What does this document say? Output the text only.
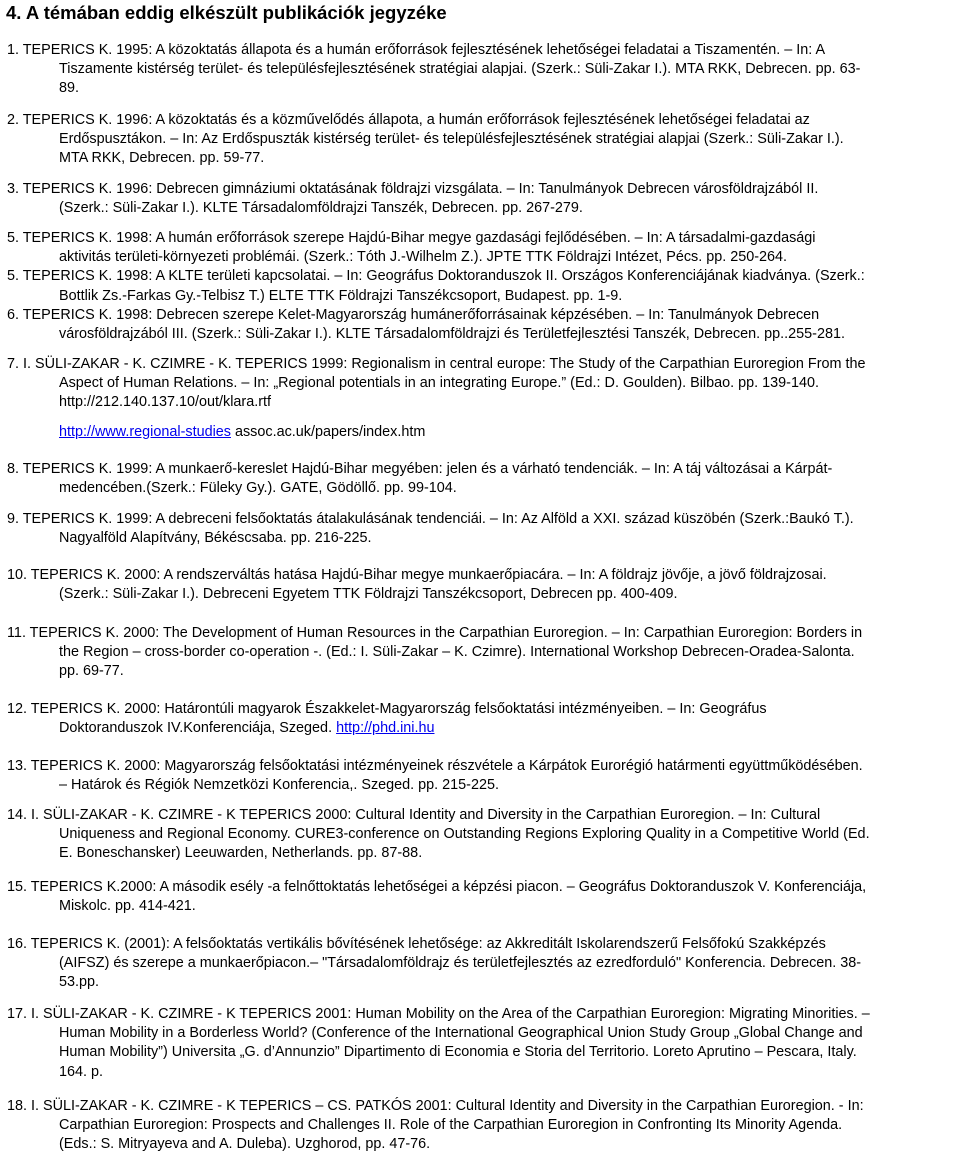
4. A témában eddig elkészült publikációk jegyzéke
1. TEPERICS K. 1995: A közoktatás állapota és a humán erőforrások fejlesztésének lehetőségei feladatai a Tiszamentén. – In: A
Tiszamente kistérség terület- és településfejlesztésének stratégiai alapjai. (Szerk.: Süli-Zakar I.). MTA RKK, Debrecen. pp. 63-
89.
2. TEPERICS K. 1996: A közoktatás és a közművelődés állapota, a humán erőforrások fejlesztésének lehetőségei feladatai az
Erdőspusztákon. – In: Az Erdőspuszták kistérség terület- és településfejlesztésének stratégiai alapjai (Szerk.: Süli-Zakar I.).
MTA RKK, Debrecen. pp. 59-77.
3. TEPERICS K. 1996: Debrecen gimnáziumi oktatásának földrajzi vizsgálata. – In: Tanulmányok Debrecen városföldrajzából II.
(Szerk.: Süli-Zakar I.). KLTE Társadalomföldrajzi Tanszék, Debrecen. pp. 267-279.
5. TEPERICS K. 1998: A humán erőforrások szerepe Hajdú-Bihar megye gazdasági fejlődésében. – In: A társadalmi-gazdasági
aktivitás területi-környezeti problémái. (Szerk.: Tóth J.-Wilhelm Z.). JPTE TTK Földrajzi Intézet, Pécs. pp. 250-264.
5. TEPERICS K. 1998: A KLTE területi kapcsolatai. – In: Geográfus Doktoranduszok II. Országos Konferenciájának kiadványa. (Szerk.:
Bottlik Zs.-Farkas Gy.-Telbisz T.) ELTE TTK Földrajzi Tanszékcsoport, Budapest. pp. 1-9.
6. TEPERICS K. 1998: Debrecen szerepe Kelet-Magyarország humánerőforrásainak képzésében. – In: Tanulmányok Debrecen
városföldrajzából III. (Szerk.: Süli-Zakar I.). KLTE Társadalomföldrajzi és Területfejlesztési Tanszék, Debrecen. pp..255-281.
7. I. SÜLI-ZAKAR - K. CZIMRE - K. TEPERICS 1999: Regionalism in central europe: The Study of the Carpathian Euroregion From the
Aspect of Human Relations. – In: „Regional potentials in an integrating Europe.” (Ed.: D. Goulden). Bilbao. pp. 139-140.
http://212.140.137.10/out/klara.rtf
http://www.regional-studies assoc.ac.uk/papers/index.htm
8. TEPERICS K. 1999: A munkaerő-kereslet Hajdú-Bihar megyében: jelen és a várható tendenciák. – In: A táj változásai a Kárpát-
medencében.(Szerk.: Füleky Gy.). GATE, Gödöllő. pp. 99-104.
9. TEPERICS K. 1999: A debreceni felsőoktatás átalakulásának tendenciái. – In: Az Alföld a XXI. század küszöbén (Szerk.:Baukó T.).
Nagyalföld Alapítvány, Békéscsaba. pp. 216-225.
10. TEPERICS K. 2000: A rendszerváltás hatása Hajdú-Bihar megye munkaerőpiacára. – In: A földrajz jövője, a jövő földrajzosai.
(Szerk.: Süli-Zakar I.). Debreceni Egyetem TTK Földrajzi Tanszékcsoport, Debrecen pp. 400-409.
11. TEPERICS K. 2000: The Development of Human Resources in the Carpathian Euroregion. – In: Carpathian Euroregion: Borders in
the Region – cross-border co-operation -. (Ed.: I. Süli-Zakar – K. Czimre). International Workshop Debrecen-Oradea-Salonta.
pp. 69-77.
12. TEPERICS K. 2000: Határontúli magyarok Északkelet-Magyarország felsőoktatási intézményeiben. – In: Geográfus
Doktoranduszok IV.Konferenciája, Szeged. http://phd.ini.hu
13. TEPERICS K. 2000: Magyarország felsőoktatási intézményeinek részvétele a Kárpátok Eurorégió határmenti együttműködésében.
– Határok és Régiók Nemzetközi Konferencia,. Szeged. pp. 215-225.
14. I. SÜLI-ZAKAR - K. CZIMRE - K TEPERICS 2000: Cultural Identity and Diversity in the Carpathian Euroregion. – In: Cultural
Uniqueness and Regional Economy. CURE3-conference on Outstanding Regions Exploring Quality in a Competitive World (Ed.
E. Boneschansker) Leeuwarden, Netherlands. pp. 87-88.
15. TEPERICS K.2000: A második esély -a felnőttoktatás lehetőségei a képzési piacon. – Geográfus Doktoranduszok V. Konferenciája,
Miskolc. pp. 414-421.
16. TEPERICS K. (2001): A felsőoktatás vertikális bővítésének lehetősége: az Akkreditált Iskolarendszerű Felsőfokú Szakképzés
(AIFSZ) és szerepe a munkaerőpiacon.– "Társadalomföldrajz és területfejlesztés az ezredforduló" Konferencia. Debrecen. 38-
53.pp.
17. I. SÜLI-ZAKAR - K. CZIMRE - K TEPERICS 2001: Human Mobility on the Area of the Carpathian Euroregion: Migrating Minorities. –
Human Mobility in a Borderless World? (Conference of the International Geographical Union Study Group „Global Change and
Human Mobility”) Universita „G. d’Annunzio” Dipartimento di Economia e Storia del Territorio. Loreto Aprutino – Pescara, Italy.
164. p.
18. I. SÜLI-ZAKAR - K. CZIMRE - K TEPERICS – CS. PATKÓS 2001: Cultural Identity and Diversity in the Carpathian Euroregion. - In:
Carpathian Euroregion: Prospects and Challenges II. Role of the Carpathian Euroregion in Confronting Its Minority Agenda.
(Eds.: S. Mitryayeva and A. Duleba). Uzghorod, pp. 47-76.
